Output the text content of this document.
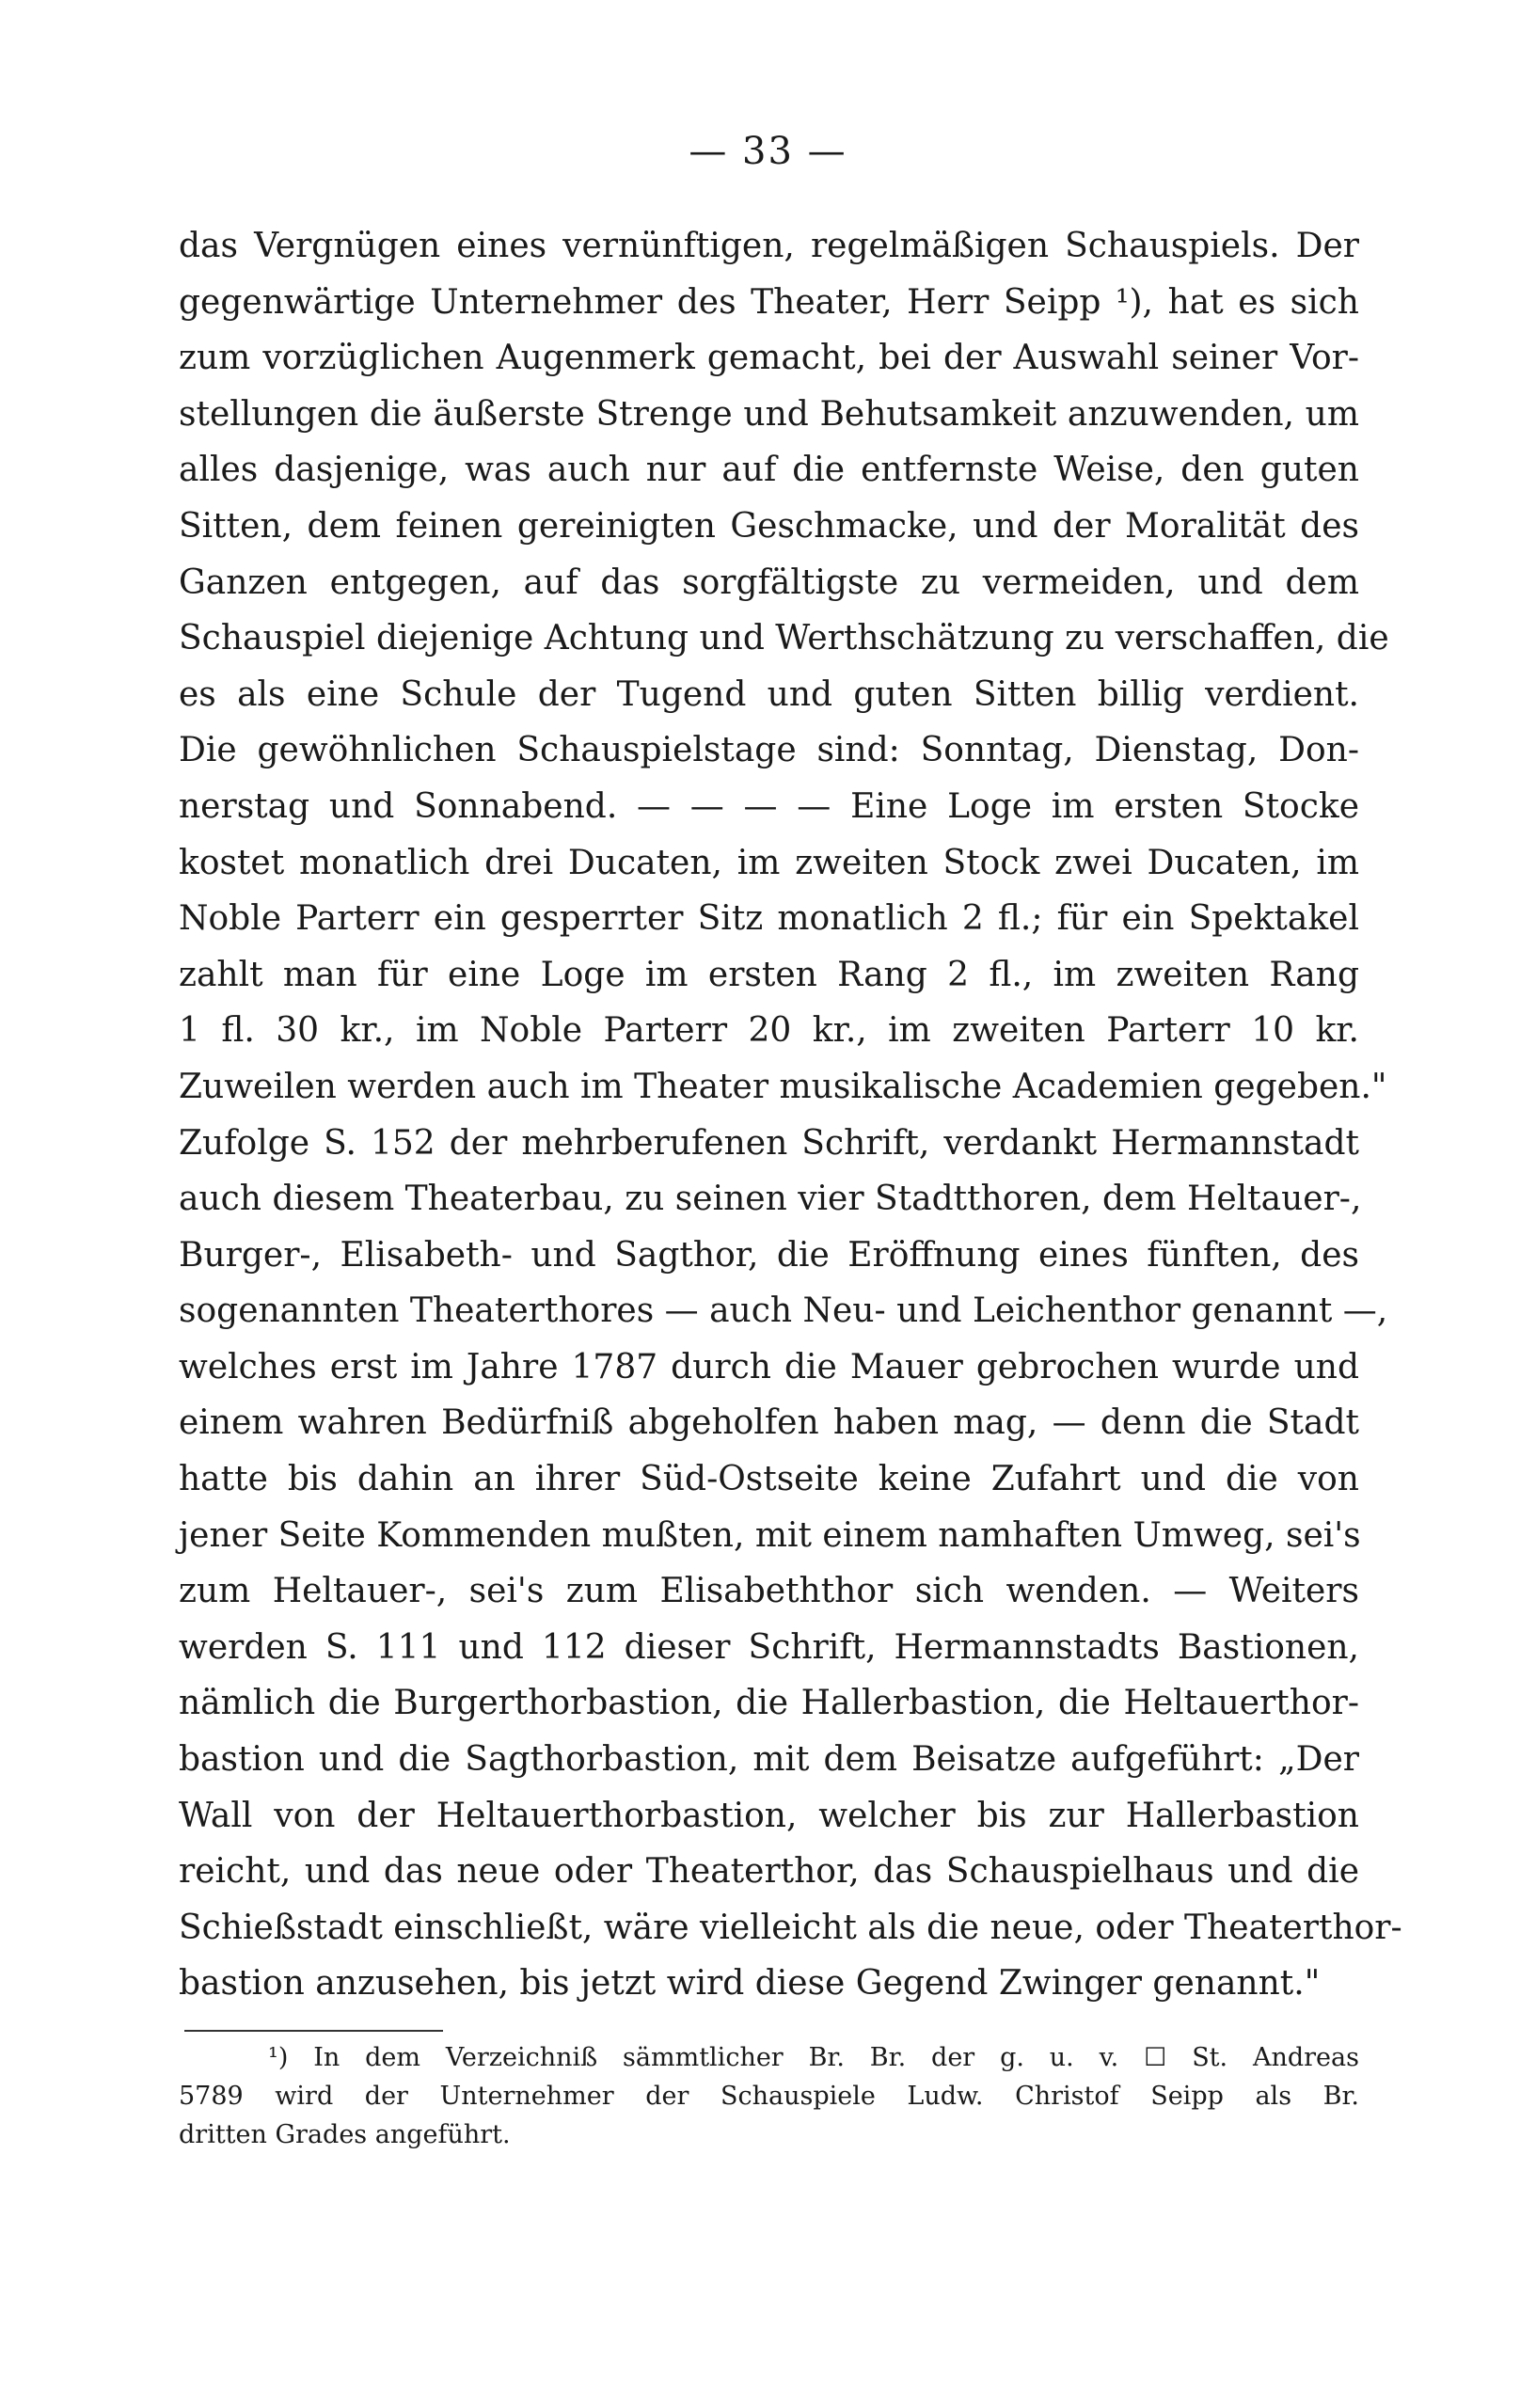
— 33 —
das Vergnügen eines vernünftigen, regelmäßigen Schauspiels. Der
gegenwärtige Unternehmer des Theater, Herr Seipp ¹), hat es sich
zum vorzüglichen Augenmerk gemacht, bei der Auswahl seiner Vor-
stellungen die äußerste Strenge und Behutsamkeit anzuwenden, um
alles dasjenige, was auch nur auf die entfernste Weise, den guten
Sitten, dem feinen gereinigten Geschmacke, und der Moralität des
Ganzen entgegen, auf das sorgfältigste zu vermeiden, und dem
Schauspiel diejenige Achtung und Werthschätzung zu verschaffen, die
es als eine Schule der Tugend und guten Sitten billig verdient.
Die gewöhnlichen Schauspielstage sind: Sonntag, Dienstag, Don-
nerstag und Sonnabend. — — — — Eine Loge im ersten Stocke
kostet monatlich drei Ducaten, im zweiten Stock zwei Ducaten, im
Noble Parterr ein gesperrter Sitz monatlich 2 fl.; für ein Spektakel
zahlt man für eine Loge im ersten Rang 2 fl., im zweiten Rang
1 fl. 30 kr., im Noble Parterr 20 kr., im zweiten Parterr 10 kr.
Zuweilen werden auch im Theater musikalische Academien gegeben."
Zufolge S. 152 der mehrberufenen Schrift, verdankt Hermannstadt
auch diesem Theaterbau, zu seinen vier Stadtthoren, dem Heltauer-,
Burger-, Elisabeth- und Sagthor, die Eröffnung eines fünften, des
sogenannten Theaterthores — auch Neu- und Leichenthor genannt —,
welches erst im Jahre 1787 durch die Mauer gebrochen wurde und
einem wahren Bedürfniß abgeholfen haben mag, — denn die Stadt
hatte bis dahin an ihrer Süd-Ostseite keine Zufahrt und die von
jener Seite Kommenden mußten, mit einem namhaften Umweg, sei's
zum Heltauer-, sei's zum Elisabeththor sich wenden. — Weiters
werden S. 111 und 112 dieser Schrift, Hermannstadts Bastionen,
nämlich die Burgerthorbastion, die Hallerbastion, die Heltauerthor-
bastion und die Sagthorbastion, mit dem Beisatze aufgeführt: „Der
Wall von der Heltauerthorbastion, welcher bis zur Hallerbastion
reicht, und das neue oder Theaterthor, das Schauspielhaus und die
Schießstadt einschließt, wäre vielleicht als die neue, oder Theaterthor-
bastion anzusehen, bis jetzt wird diese Gegend Zwinger genannt."
¹) In dem Verzeichniß sämmtlicher Br. Br. der g. u. v. ☐ St. Andreas
5789 wird der Unternehmer der Schauspiele Ludw. Christof Seipp als Br.
dritten Grades angeführt.
